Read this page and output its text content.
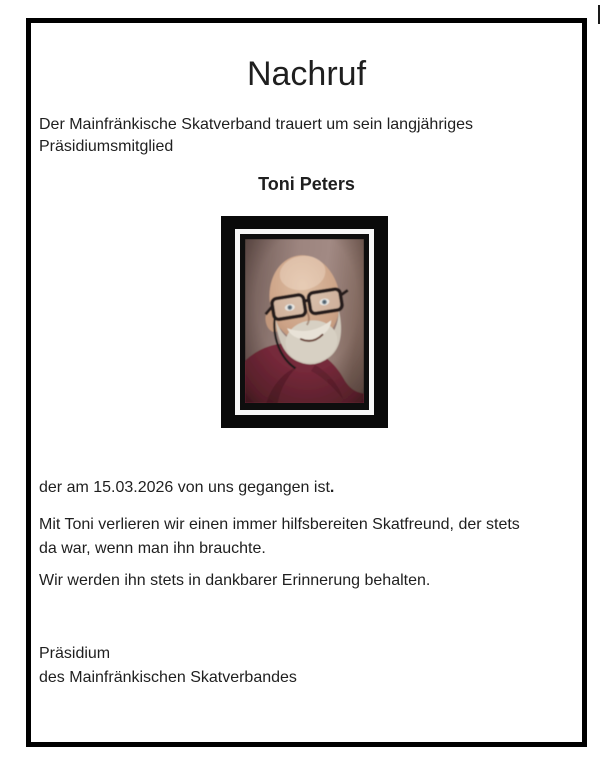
Nachruf
Der Mainfränkische Skatverband trauert um sein langjähriges
Präsidiumsmitglied
Toni Peters
der am 15.03.2026 von uns gegangen ist.
Mit Toni verlieren wir einen immer hilfsbereiten Skatfreund, der stets
da war, wenn man ihn brauchte.
Wir werden ihn stets in dankbarer Erinnerung behalten.
Präsidium
des Mainfränkischen Skatverbandes
